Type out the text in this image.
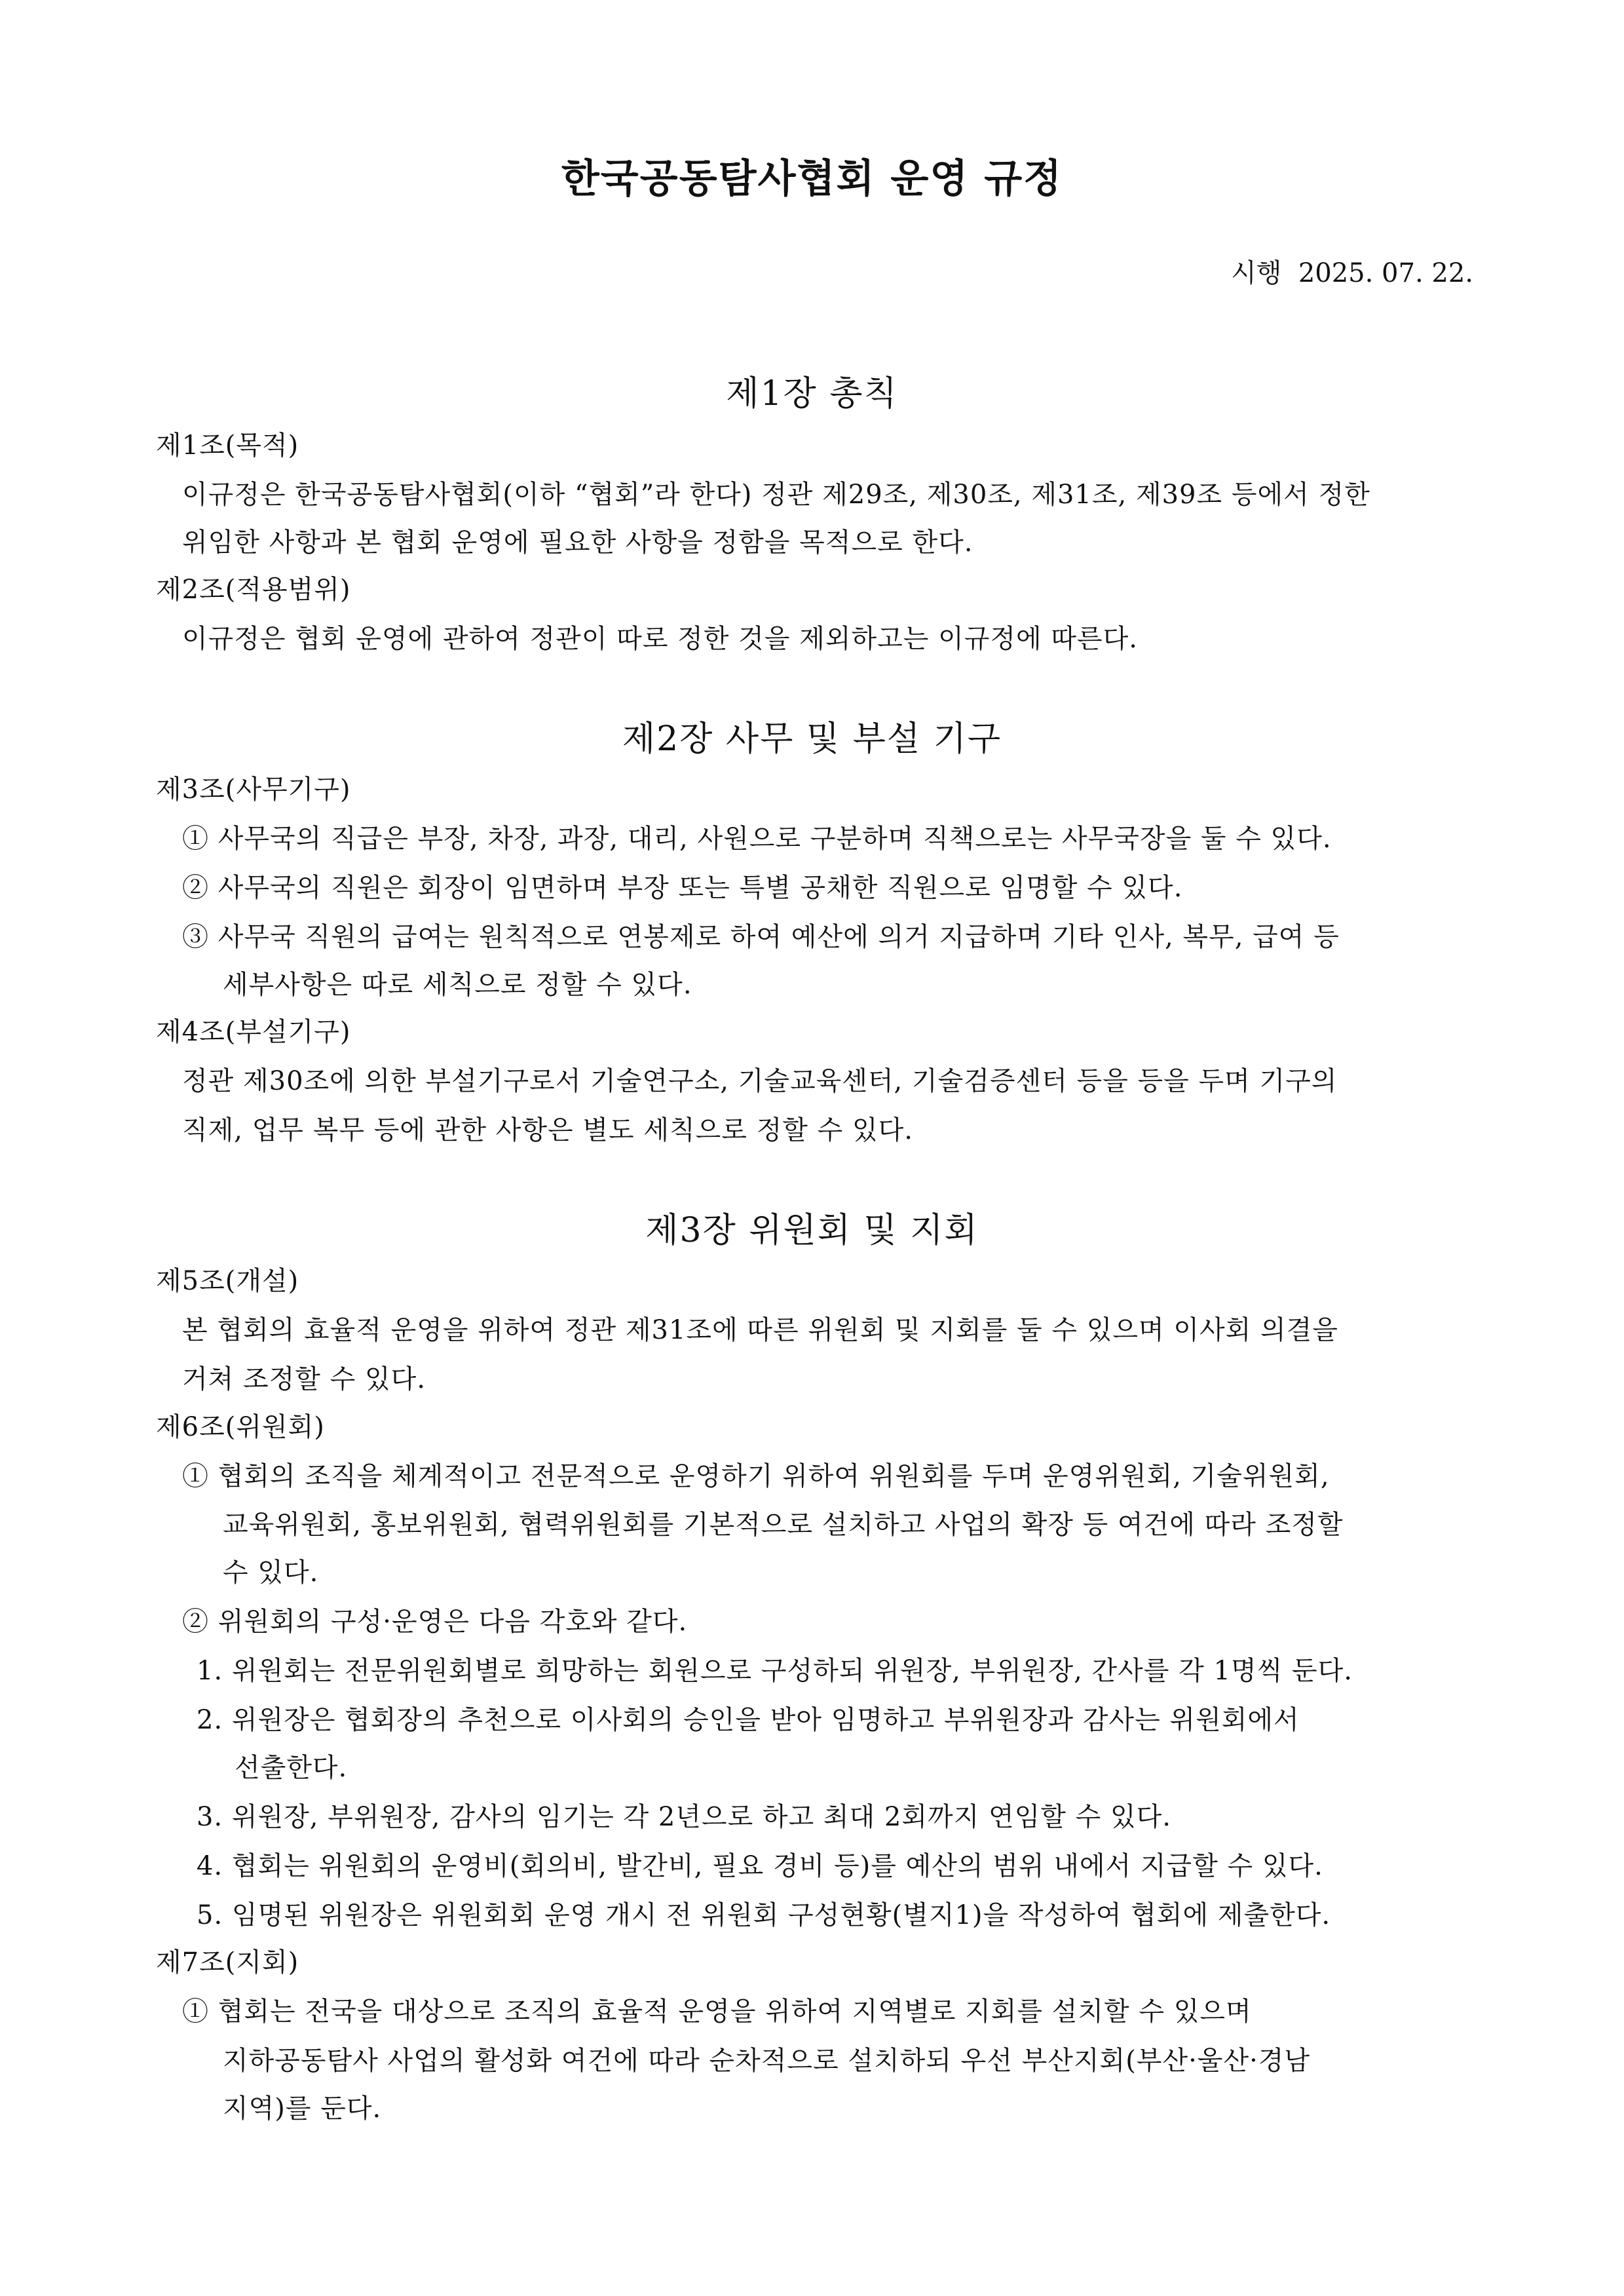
한국공동탐사협회 운영 규정
시행  2025. 07. 22.
제1장 총칙
제1조(목적)
이규정은 한국공동탐사협회(이하 “협회”라 한다) 정관 제29조, 제30조, 제31조, 제39조 등에서 정한
위임한 사항과 본 협회 운영에 필요한 사항을 정함을 목적으로 한다.
제2조(적용범위)
이규정은 협회 운영에 관하여 정관이 따로 정한 것을 제외하고는 이규정에 따른다.
제2장 사무 및 부설 기구
제3조(사무기구)
① 사무국의 직급은 부장, 차장, 과장, 대리, 사원으로 구분하며 직책으로는 사무국장을 둘 수 있다.
② 사무국의 직원은 회장이 임면하며 부장 또는 특별 공채한 직원으로 임명할 수 있다.
③ 사무국 직원의 급여는 원칙적으로 연봉제로 하여 예산에 의거 지급하며 기타 인사, 복무, 급여 등
세부사항은 따로 세칙으로 정할 수 있다.
제4조(부설기구)
정관 제30조에 의한 부설기구로서 기술연구소, 기술교육센터, 기술검증센터 등을 등을 두며 기구의
직제, 업무 복무 등에 관한 사항은 별도 세칙으로 정할 수 있다.
제3장 위원회 및 지회
제5조(개설)
본 협회의 효율적 운영을 위하여 정관 제31조에 따른 위원회 및 지회를 둘 수 있으며 이사회 의결을
거쳐 조정할 수 있다.
제6조(위원회)
① 협회의 조직을 체계적이고 전문적으로 운영하기 위하여 위원회를 두며 운영위원회, 기술위원회,
교육위원회, 홍보위원회, 협력위원회를 기본적으로 설치하고 사업의 확장 등 여건에 따라 조정할
수 있다.
② 위원회의 구성·운영은 다음 각호와 같다.
1. 위원회는 전문위원회별로 희망하는 회원으로 구성하되 위원장, 부위원장, 간사를 각 1명씩 둔다.
2. 위원장은 협회장의 추천으로 이사회의 승인을 받아 임명하고 부위원장과 감사는 위원회에서
선출한다.
3. 위원장, 부위원장, 감사의 임기는 각 2년으로 하고 최대 2회까지 연임할 수 있다.
4. 협회는 위원회의 운영비(회의비, 발간비, 필요 경비 등)를 예산의 범위 내에서 지급할 수 있다.
5. 임명된 위원장은 위원회회 운영 개시 전 위원회 구성현황(별지1)을 작성하여 협회에 제출한다.
제7조(지회)
① 협회는 전국을 대상으로 조직의 효율적 운영을 위하여 지역별로 지회를 설치할 수 있으며
지하공동탐사 사업의 활성화 여건에 따라 순차적으로 설치하되 우선 부산지회(부산·울산·경남
지역)를 둔다.
